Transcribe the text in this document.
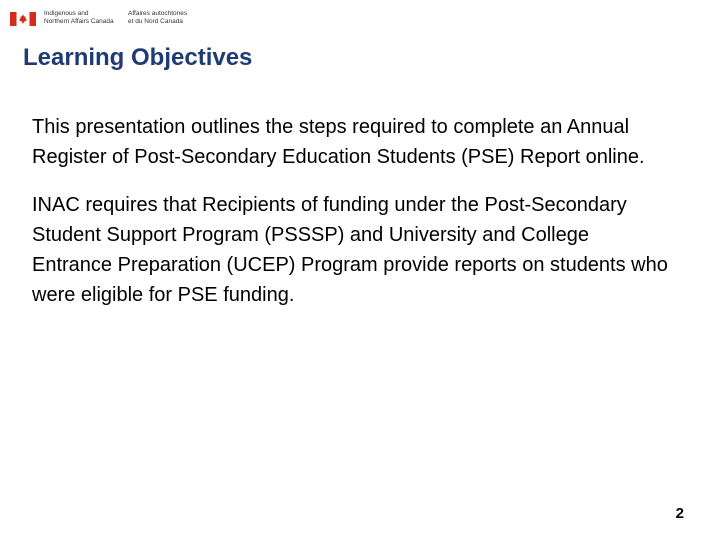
Indigenous and
Northern Affairs Canada
Affaires autochtones
et du Nord Canada
Learning Objectives

This presentation outlines the steps required to complete an Annual Register of Post-Secondary Education Students (PSE) Report online.

INAC requires that Recipients of funding under the Post-Secondary Student Support Program (PSSSP) and University and College Entrance Preparation (UCEP) Program provide reports on students who were eligible for PSE funding.

2
